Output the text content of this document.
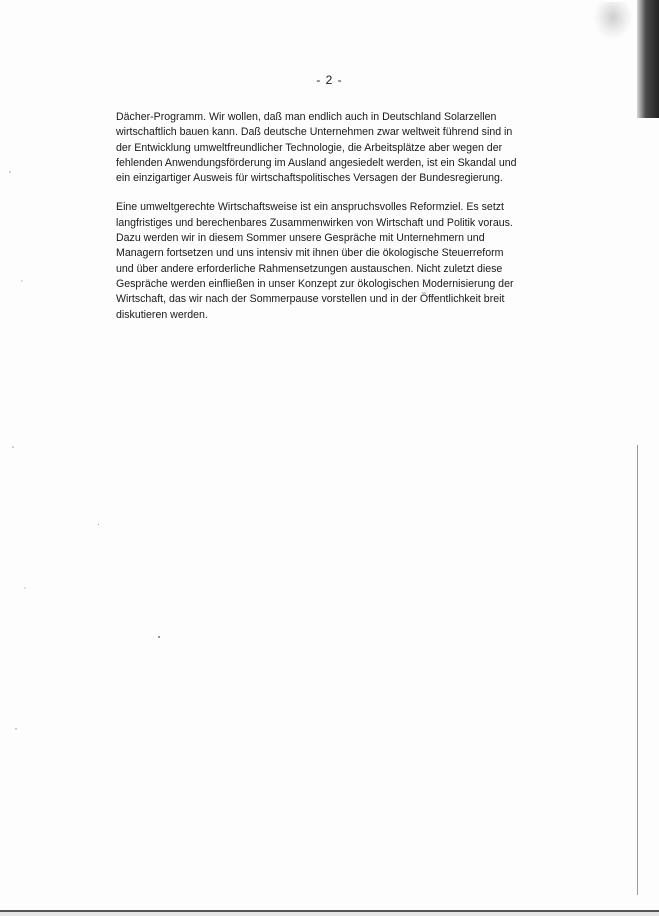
- 2 -

Dächer-Programm. Wir wollen, daß man endlich auch in Deutschland Solarzellen
wirtschaftlich bauen kann. Daß deutsche Unternehmen zwar weltweit führend sind in
der Entwicklung umweltfreundlicher Technologie, die Arbeitsplätze aber wegen der
fehlenden Anwendungsförderung im Ausland angesiedelt werden, ist ein Skandal und
ein einzigartiger Ausweis für wirtschaftspolitisches Versagen der Bundesregierung.

Eine umweltgerechte Wirtschaftsweise ist ein anspruchsvolles Reformziel. Es setzt
langfristiges und berechenbares Zusammenwirken von Wirtschaft und Politik voraus.
Dazu werden wir in diesem Sommer unsere Gespräche mit Unternehmern und
Managern fortsetzen und uns intensiv mit ihnen über die ökologische Steuerreform
und über andere erforderliche Rahmensetzungen austauschen. Nicht zuletzt diese
Gespräche werden einfließen in unser Konzept zur ökologischen Modernisierung der
Wirtschaft, das wir nach der Sommerpause vorstellen und in der Öffentlichkeit breit
diskutieren werden.
